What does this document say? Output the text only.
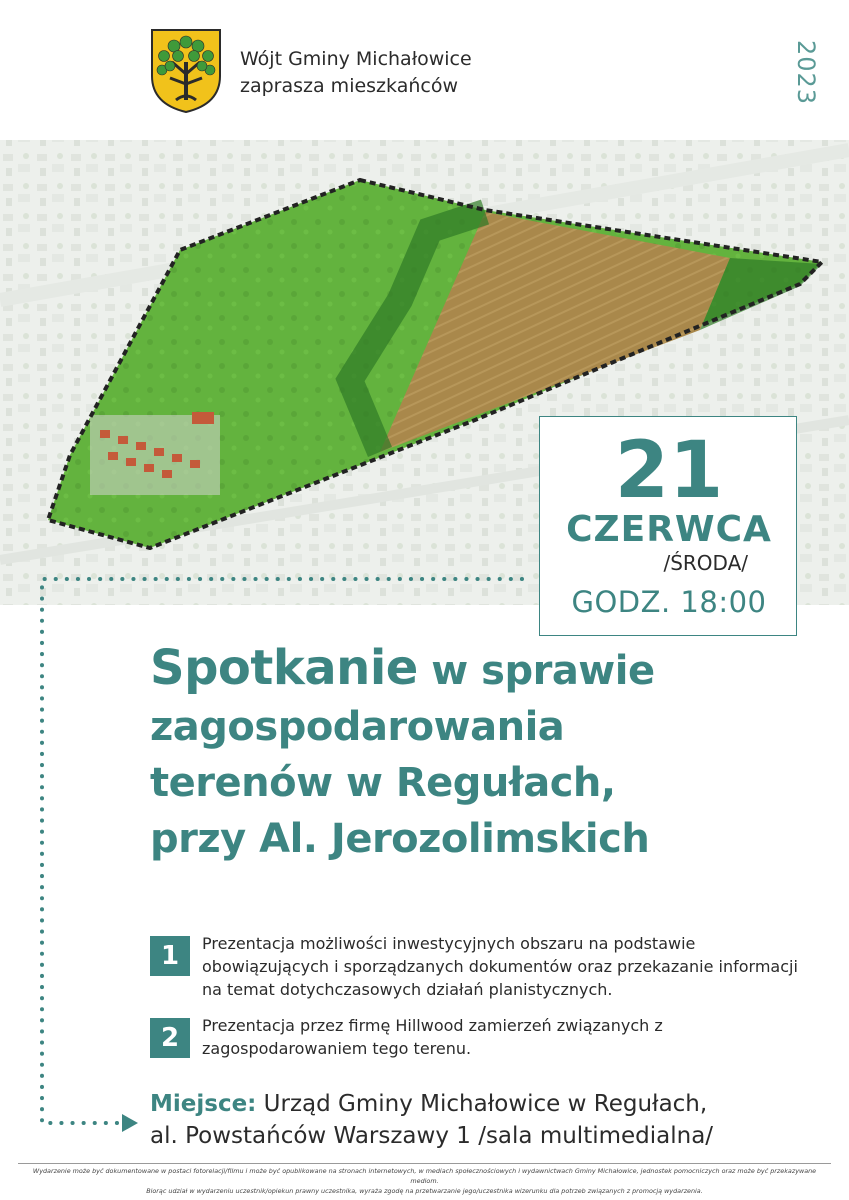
Wójt Gminy Michałowice
zaprasza mieszkańców	2023
21
CZERWCA
/ŚRODA/
GODZ. 18:00
Spotkanie w sprawie
zagospodarowania
terenów w Regułach,
przy Al. Jerozolimskich
1	Prezentacja możliwości inwestycyjnych obszaru na podstawie obowiązujących i sporządzanych dokumentów oraz przekazanie informacji na temat dotychczasowych działań planistycznych.
2	Prezentacja przez firmę Hillwood zamierzeń związanych z zagospodarowaniem tego terenu.
Miejsce: Urząd Gminy Michałowice w Regułach,
al. Powstańców Warszawy 1 /sala multimedialna/
Wydarzenie może być dokumentowane w postaci fotorelacji/filmu i może być opublikowane na stronach internetowych, w mediach społecznościowych i wydawnictwach Gminy Michałowice, jednostek pomocniczych oraz może być przekazywane mediom.
Biorąc udział w wydarzeniu uczestnik/opiekun prawny uczestnika, wyraża zgodę na przetwarzanie jego/uczestnika wizerunku dla potrzeb związanych z promocją wydarzenia.
